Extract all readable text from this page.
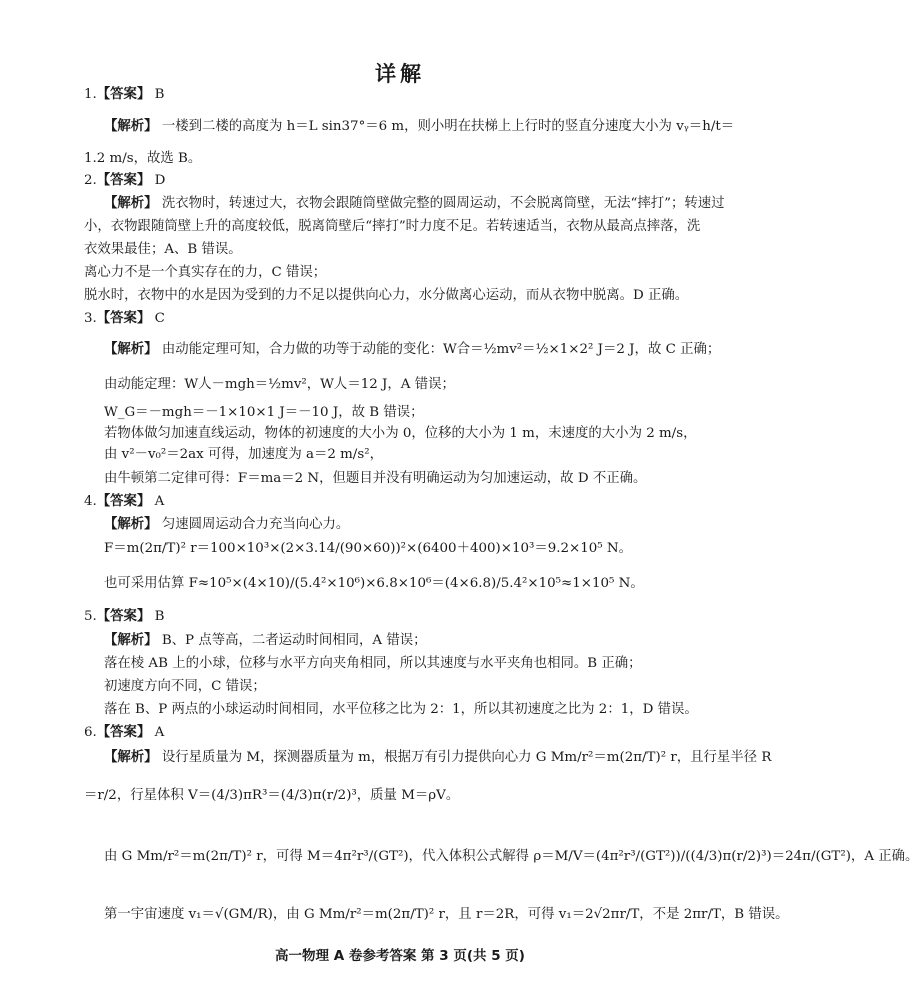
详解
1.【答案】 B
【解析】 一楼到二楼的高度为 h＝L sin37°＝6 m，则小明在扶梯上上行时的竖直分速度大小为 vᵧ＝h/t＝
1.2 m/s，故选 B。
2.【答案】 D
【解析】 洗衣物时，转速过大，衣物会跟随筒壁做完整的圆周运动，不会脱离筒壁，无法“摔打”；转速过
小，衣物跟随筒壁上升的高度较低，脱离筒壁后“摔打”时力度不足。若转速适当，衣物从最高点摔落，洗
衣效果最佳；A、B 错误。
离心力不是一个真实存在的力，C 错误；
脱水时，衣物中的水是因为受到的力不足以提供向心力，水分做离心运动，而从衣物中脱离。D 正确。
3.【答案】 C
【解析】 由动能定理可知，合力做的功等于动能的变化：W合＝½mv²＝½×1×2² J＝2 J，故 C 正确；
由动能定理：W人－mgh＝½mv²，W人＝12 J，A 错误；
W_G＝－mgh＝－1×10×1 J＝－10 J，故 B 错误；
若物体做匀加速直线运动，物体的初速度的大小为 0，位移的大小为 1 m，末速度的大小为 2 m/s，
由 v²－v₀²＝2ax 可得，加速度为 a＝2 m/s²，
由牛顿第二定律可得：F＝ma＝2 N，但题目并没有明确运动为匀加速运动，故 D 不正确。
4.【答案】 A
【解析】 匀速圆周运动合力充当向心力。
F＝m(2π/T)² r＝100×10³×(2×3.14/(90×60))²×(6400＋400)×10³＝9.2×10⁵ N。
也可采用估算 F≈10⁵×(4×10)/(5.4²×10⁶)×6.8×10⁶＝(4×6.8)/5.4²×10⁵≈1×10⁵ N。
5.【答案】 B
【解析】 B、P 点等高，二者运动时间相同，A 错误；
落在棱 AB 上的小球，位移与水平方向夹角相同，所以其速度与水平夹角也相同。B 正确；
初速度方向不同，C 错误；
落在 B、P 两点的小球运动时间相同，水平位移之比为 2：1，所以其初速度之比为 2：1，D 错误。
6.【答案】 A
【解析】 设行星质量为 M，探测器质量为 m，根据万有引力提供向心力 G Mm/r²＝m(2π/T)² r，且行星半径 R
＝r/2，行星体积 V＝(4/3)πR³＝(4/3)π(r/2)³，质量 M＝ρV。
由 G Mm/r²＝m(2π/T)² r，可得 M＝4π²r³/(GT²)，代入体积公式解得 ρ＝M/V＝(4π²r³/(GT²))/((4/3)π(r/2)³)＝24π/(GT²)，A 正确。
第一宇宙速度 v₁＝√(GM/R)，由 G Mm/r²＝m(2π/T)² r，且 r＝2R，可得 v₁＝2√2πr/T，不是 2πr/T，B 错误。
高一物理 A 卷参考答案 第 3 页(共 5 页)
